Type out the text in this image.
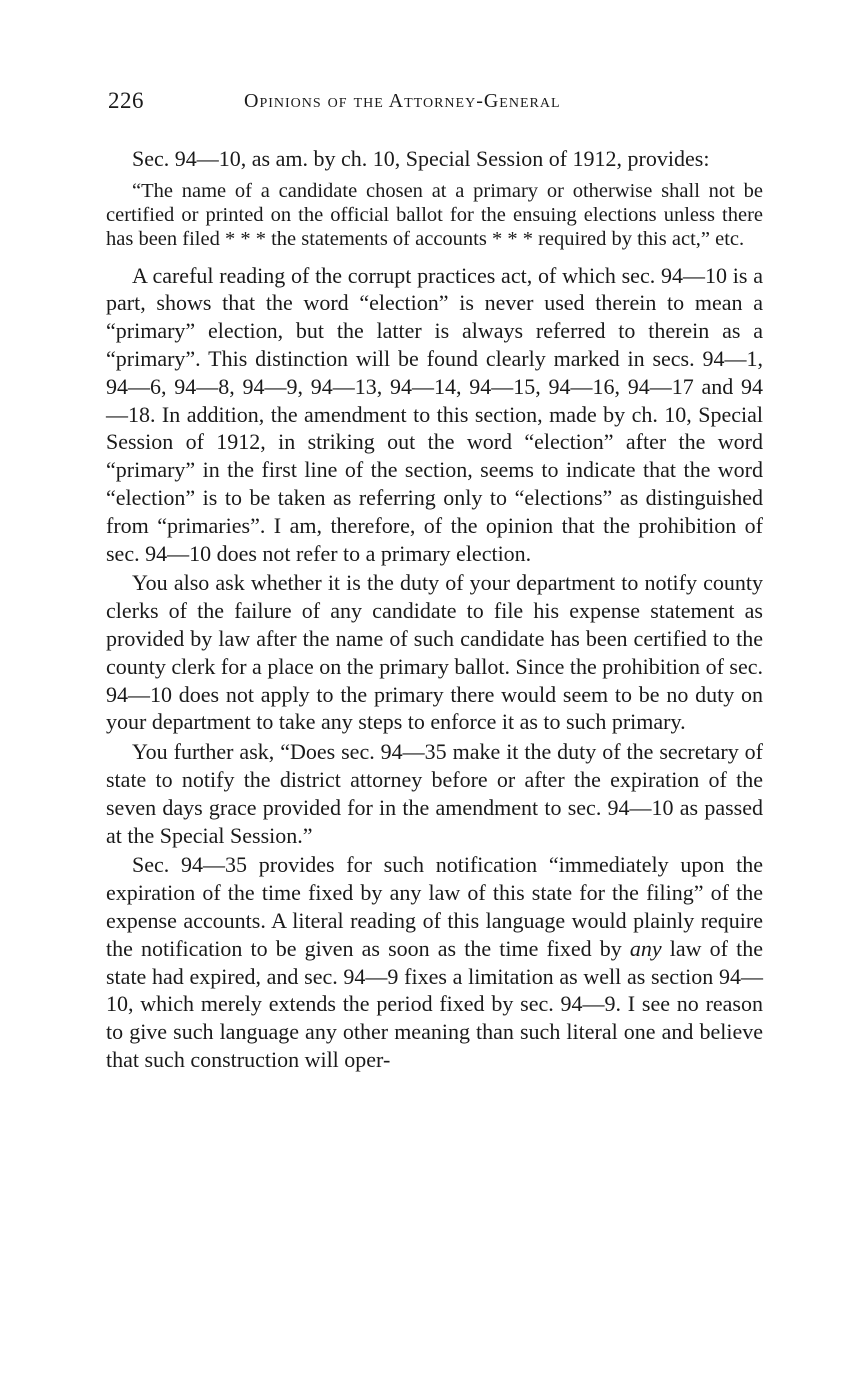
226	Opinions of the Attorney-General

Sec. 94—10, as am. by ch. 10, Special Session of 1912, provides:

“The name of a candidate chosen at a primary or otherwise shall not be certified or printed on the official ballot for the ensuing elections unless there has been filed * * * the statements of accounts * * * required by this act,” etc.

A careful reading of the corrupt practices act, of which sec. 94—10 is a part, shows that the word “election” is never used therein to mean a “primary” election, but the latter is always referred to therein as a “primary”. This distinction will be found clearly marked in secs. 94—1, 94—6, 94—8, 94—9, 94—13, 94—14, 94—15, 94—16, 94—17 and 94—18. In addition, the amendment to this section, made by ch. 10, Special Session of 1912, in striking out the word “election” after the word “primary” in the first line of the section, seems to indicate that the word “election” is to be taken as referring only to “elections” as distinguished from “primaries”. I am, therefore, of the opinion that the prohibition of sec. 94—10 does not refer to a primary election.

You also ask whether it is the duty of your department to notify county clerks of the failure of any candidate to file his expense statement as provided by law after the name of such candidate has been certified to the county clerk for a place on the primary ballot. Since the prohibition of sec. 94—10 does not apply to the primary there would seem to be no duty on your department to take any steps to enforce it as to such primary.

You further ask, “Does sec. 94—35 make it the duty of the secretary of state to notify the district attorney before or after the expiration of the seven days grace provided for in the amendment to sec. 94—10 as passed at the Special Session.”

Sec. 94—35 provides for such notification “immediately upon the expiration of the time fixed by any law of this state for the filing” of the expense accounts. A literal reading of this language would plainly require the notification to be given as soon as the time fixed by any law of the state had expired, and sec. 94—9 fixes a limitation as well as section 94—10, which merely extends the period fixed by sec. 94—9. I see no reason to give such language any other meaning than such literal one and believe that such construction will oper-
